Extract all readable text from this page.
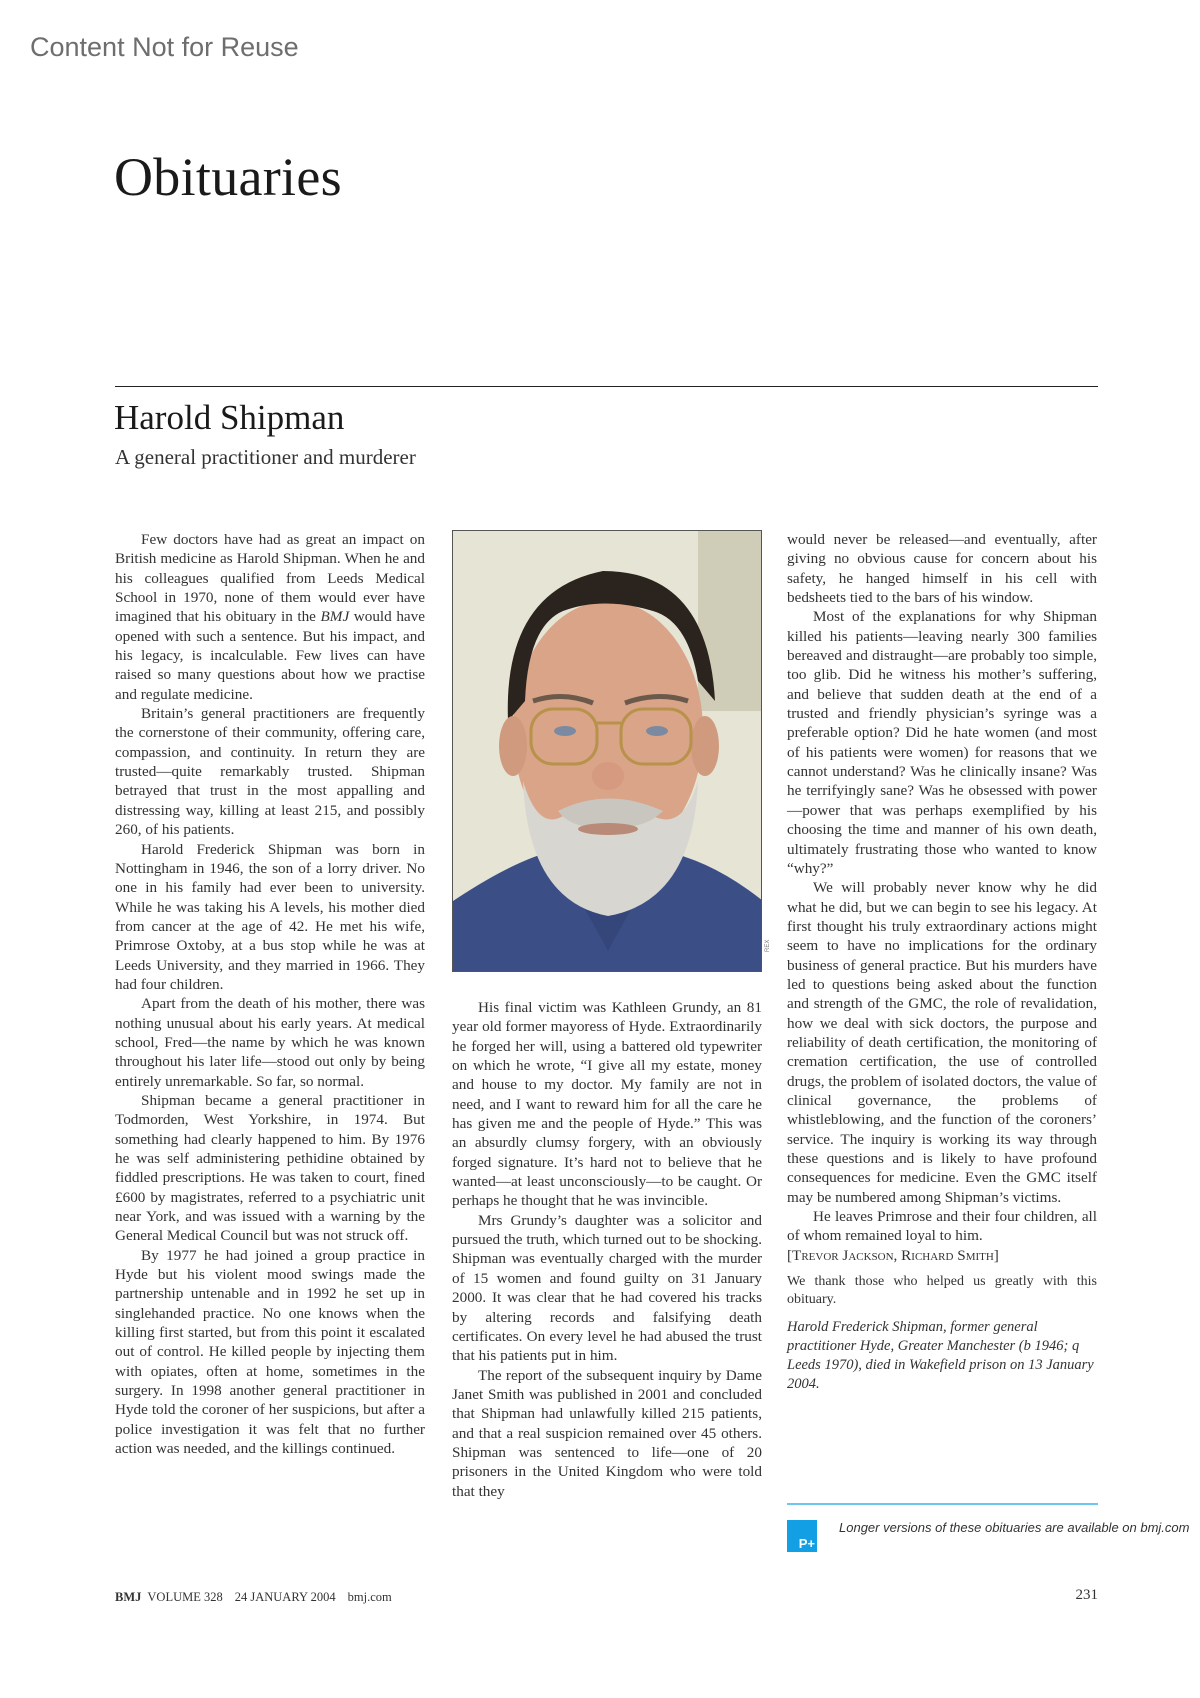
Content Not for Reuse
Obituaries
Harold Shipman
A general practitioner and murderer

Few doctors have had as great an impact on British medicine as Harold Shipman. When he and his colleagues qualified from Leeds Medical School in 1970, none of them would ever have imagined that his obituary in the BMJ would have opened with such a sentence. But his impact, and his legacy, is incalculable. Few lives can have raised so many questions about how we practise and regulate medicine.

Britain’s general practitioners are frequently the cornerstone of their community, offering care, compassion, and continuity. In return they are trusted—quite remarkably trusted. Shipman betrayed that trust in the most appalling and distressing way, killing at least 215, and possibly 260, of his patients.

Harold Frederick Shipman was born in Nottingham in 1946, the son of a lorry driver. No one in his family had ever been to university. While he was taking his A levels, his mother died from cancer at the age of 42. He met his wife, Primrose Oxtoby, at a bus stop while he was at Leeds University, and they married in 1966. They had four children.

Apart from the death of his mother, there was nothing unusual about his early years. At medical school, Fred—the name by which he was known throughout his later life—stood out only by being entirely unremarkable. So far, so normal.

Shipman became a general practitioner in Todmorden, West Yorkshire, in 1974. But something had clearly happened to him. By 1976 he was self administering pethidine obtained by fiddled prescriptions. He was taken to court, fined £600 by magistrates, referred to a psychiatric unit near York, and was issued with a warning by the General Medical Council but was not struck off.

By 1977 he had joined a group practice in Hyde but his violent mood swings made the partnership untenable and in 1992 he set up in singlehanded practice. No one knows when the killing first started, but from this point it escalated out of control. He killed people by injecting them with opiates, often at home, sometimes in the surgery. In 1998 another general practitioner in Hyde told the coroner of her suspicions, but after a police investigation it was felt that no further action was needed, and the killings continued.

REX

His final victim was Kathleen Grundy, an 81 year old former mayoress of Hyde. Extraordinarily he forged her will, using a battered old typewriter on which he wrote, “I give all my estate, money and house to my doctor. My family are not in need, and I want to reward him for all the care he has given me and the people of Hyde.” This was an absurdly clumsy forgery, with an obviously forged signature. It’s hard not to believe that he wanted—at least unconsciously—to be caught. Or perhaps he thought that he was invincible.

Mrs Grundy’s daughter was a solicitor and pursued the truth, which turned out to be shocking. Shipman was eventually charged with the murder of 15 women and found guilty on 31 January 2000. It was clear that he had covered his tracks by altering records and falsifying death certificates. On every level he had abused the trust that his patients put in him.

The report of the subsequent inquiry by Dame Janet Smith was published in 2001 and concluded that Shipman had unlawfully killed 215 patients, and that a real suspicion remained over 45 others. Shipman was sentenced to life—one of 20 prisoners in the United Kingdom who were told that they

would never be released—and eventually, after giving no obvious cause for concern about his safety, he hanged himself in his cell with bedsheets tied to the bars of his window.

Most of the explanations for why Shipman killed his patients—leaving nearly 300 families bereaved and distraught—are probably too simple, too glib. Did he witness his mother’s suffering, and believe that sudden death at the end of a trusted and friendly physician’s syringe was a preferable option? Did he hate women (and most of his patients were women) for reasons that we cannot understand? Was he clinically insane? Was he terrifyingly sane? Was he obsessed with power—power that was perhaps exemplified by his choosing the time and manner of his own death, ultimately frustrating those who wanted to know “why?”

We will probably never know why he did what he did, but we can begin to see his legacy. At first thought his truly extraordinary actions might seem to have no implications for the ordinary business of general practice. But his murders have led to questions being asked about the function and strength of the GMC, the role of revalidation, how we deal with sick doctors, the purpose and reliability of death certification, the monitoring of cremation certification, the use of controlled drugs, the problem of isolated doctors, the value of clinical governance, the problems of whistleblowing, and the function of the coroners’ service. The inquiry is working its way through these questions and is likely to have profound consequences for medicine. Even the GMC itself may be numbered among Shipman’s victims.

He leaves Primrose and their four children, all of whom remained loyal to him.

[Trevor Jackson, Richard Smith]

We thank those who helped us greatly with this obituary.

Harold Frederick Shipman, former general practitioner Hyde, Greater Manchester (b 1946; q Leeds 1970), died in Wakefield prison on 13 January 2004.

P+
Longer versions of these obituaries are available on bmj.com
BMJ VOLUME 328 24 JANUARY 2004 bmj.com	231
